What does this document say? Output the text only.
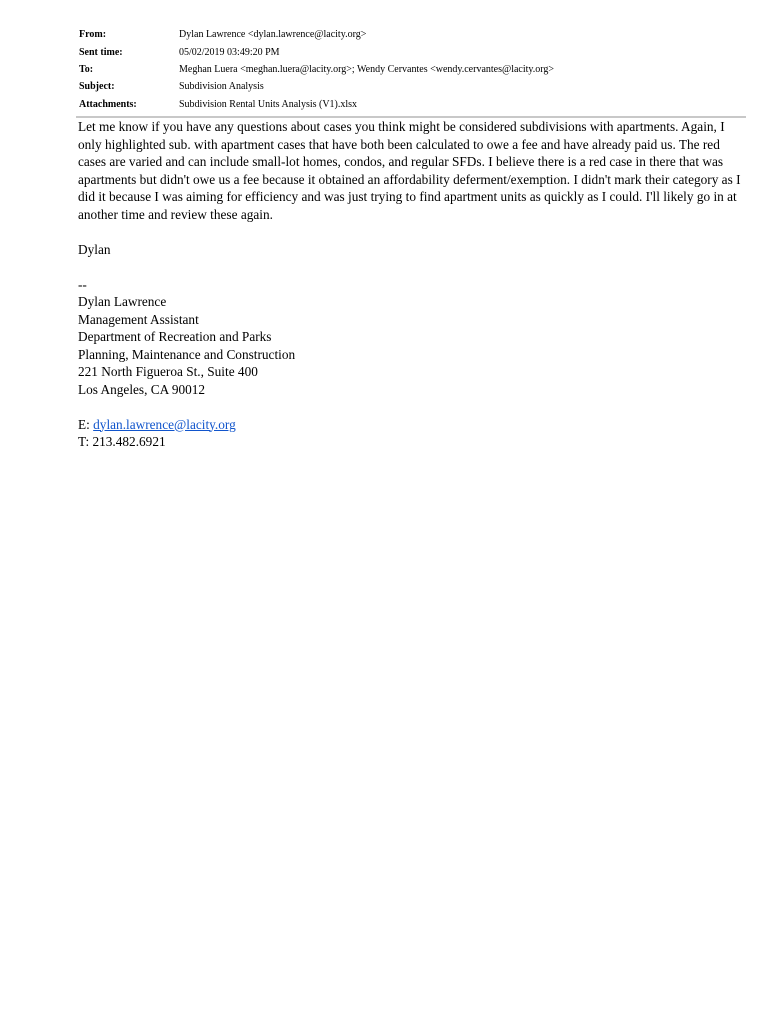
From:	Dylan Lawrence <dylan.lawrence@lacity.org>
Sent time:	05/02/2019 03:49:20 PM
To:	Meghan Luera <meghan.luera@lacity.org>; Wendy Cervantes <wendy.cervantes@lacity.org>
Subject:	Subdivision Analysis
Attachments:	Subdivision Rental Units Analysis (V1).xlsx

Let me know if you have any questions about cases you think might be considered subdivisions with apartments. Again, I only highlighted sub. with apartment cases that have both been calculated to owe a fee and have already paid us. The red cases are varied and can include small-lot homes, condos, and regular SFDs. I believe there is a red case in there that was apartments but didn't owe us a fee because it obtained an affordability deferment/exemption. I didn't mark their category as I did it because I was aiming for efficiency and was just trying to find apartment units as quickly as I could. I'll likely go in at another time and review these again.

Dylan

--

Dylan Lawrence

Management Assistant

Department of Recreation and Parks

Planning, Maintenance and Construction

221 North Figueroa St., Suite 400

Los Angeles, CA 90012

E: dylan.lawrence@lacity.org

T: 213.482.6921
